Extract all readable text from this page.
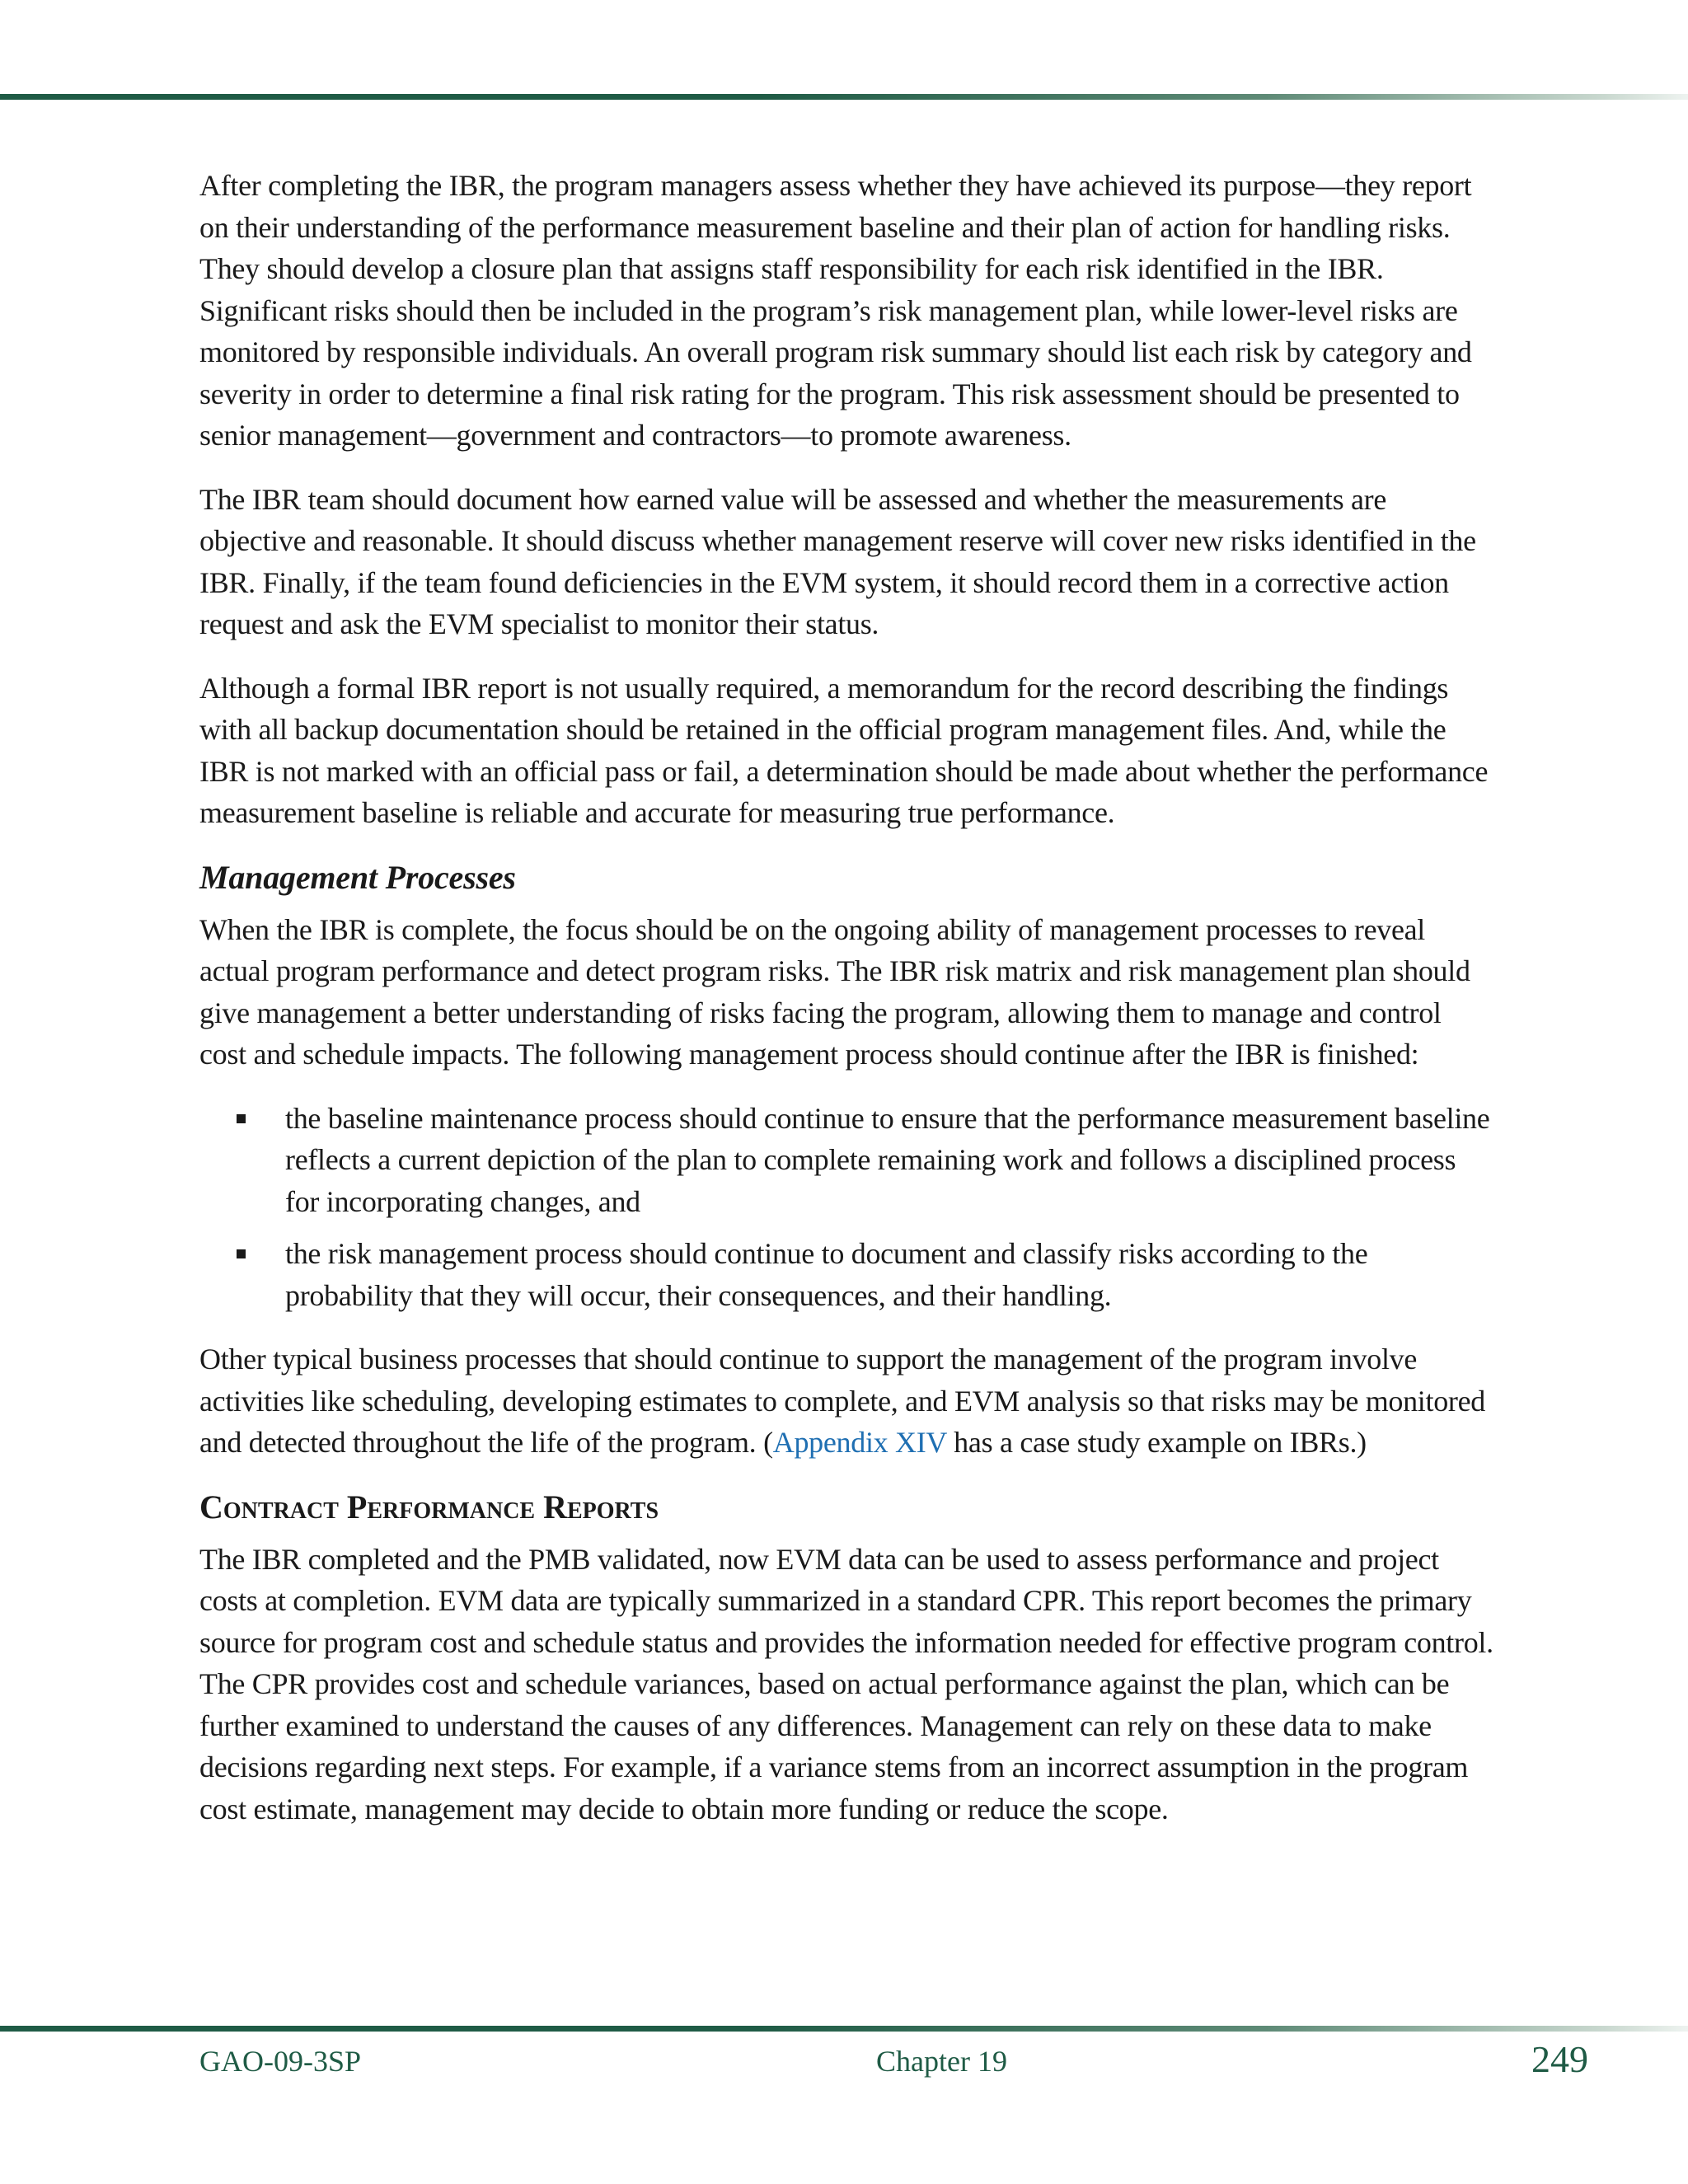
After completing the IBR, the program managers assess whether they have achieved its purpose—they report on their understanding of the performance measurement baseline and their plan of action for handling risks. They should develop a closure plan that assigns staff responsibility for each risk identified in the IBR. Significant risks should then be included in the program’s risk management plan, while lower-level risks are monitored by responsible individuals. An overall program risk summary should list each risk by category and severity in order to determine a final risk rating for the program. This risk assessment should be presented to senior management—government and contractors—to promote awareness.

The IBR team should document how earned value will be assessed and whether the measurements are objective and reasonable. It should discuss whether management reserve will cover new risks identified in the IBR. Finally, if the team found deficiencies in the EVM system, it should record them in a corrective action request and ask the EVM specialist to monitor their status.

Although a formal IBR report is not usually required, a memorandum for the record describing the findings with all backup documentation should be retained in the official program management files. And, while the IBR is not marked with an official pass or fail, a determination should be made about whether the performance measurement baseline is reliable and accurate for measuring true performance.

Management Processes

When the IBR is complete, the focus should be on the ongoing ability of management processes to reveal actual program performance and detect program risks. The IBR risk matrix and risk management plan should give management a better understanding of risks facing the program, allowing them to manage and control cost and schedule impacts. The following management process should continue after the IBR is finished:

the baseline maintenance process should continue to ensure that the performance measurement baseline reflects a current depiction of the plan to complete remaining work and follows a disciplined process for incorporating changes, and
the risk management process should continue to document and classify risks according to the probability that they will occur, their consequences, and their handling.

Other typical business processes that should continue to support the management of the program involve activities like scheduling, developing estimates to complete, and EVM analysis so that risks may be monitored and detected throughout the life of the program. (Appendix XIV has a case study example on IBRs.)

Contract Performance Reports

The IBR completed and the PMB validated, now EVM data can be used to assess performance and project costs at completion. EVM data are typically summarized in a standard CPR. This report becomes the primary source for program cost and schedule status and provides the information needed for effective program control. The CPR provides cost and schedule variances, based on actual performance against the plan, which can be further examined to understand the causes of any differences. Management can rely on these data to make decisions regarding next steps. For example, if a variance stems from an incorrect assumption in the program cost estimate, management may decide to obtain more funding or reduce the scope.

GAO-09-3SP	Chapter 19	249
